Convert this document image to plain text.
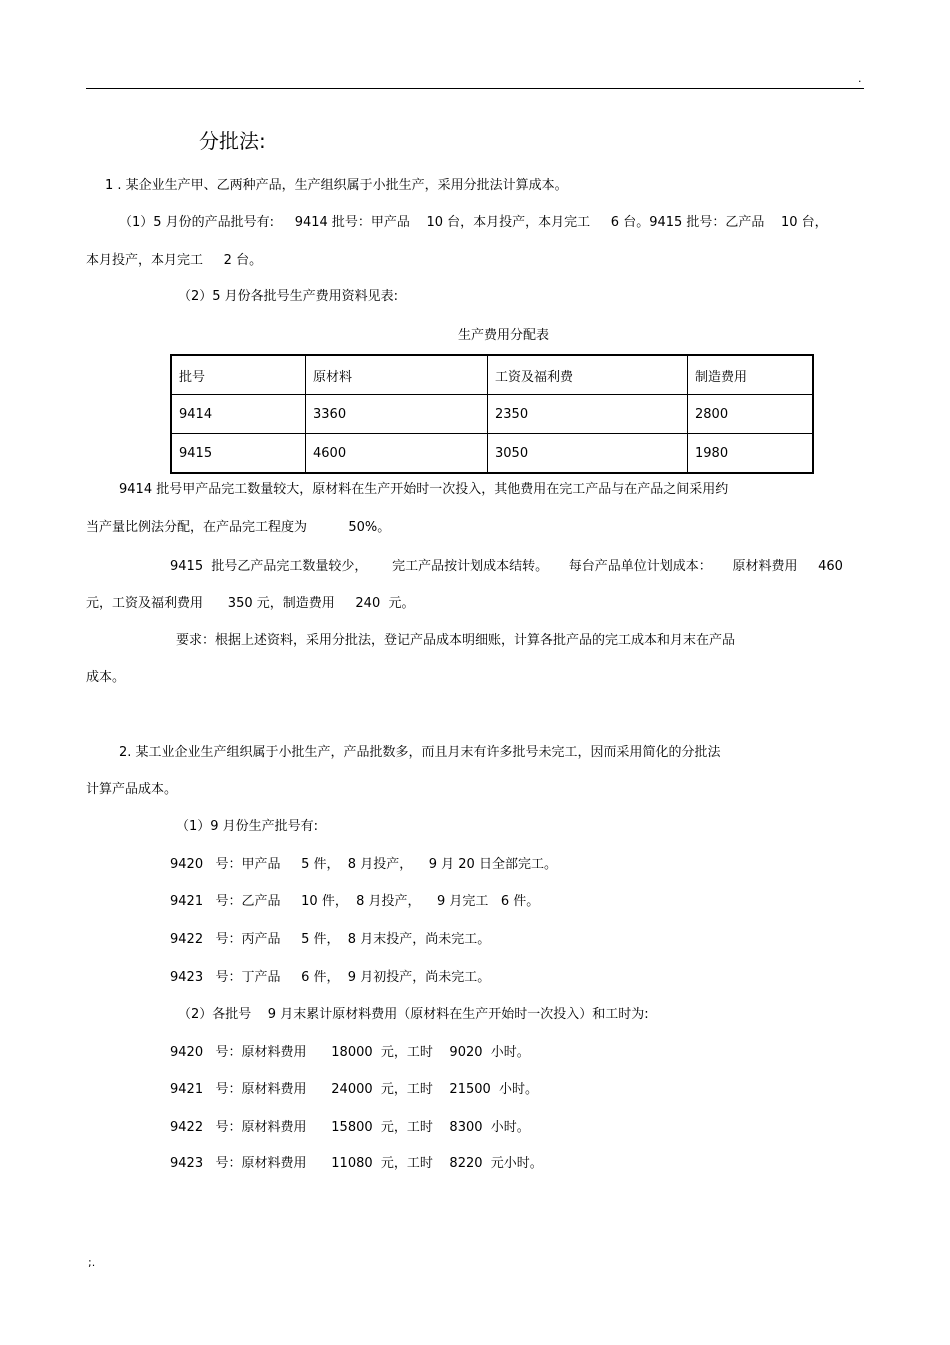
.
分批法:
1 . 某企业生产甲、乙两种产品，生产组织属于小批生产，采用分批法计算成本。
（1）5 月份的产品批号有:     9414 批号：甲产品    10 台，本月投产，本月完工     6 台。9415 批号：乙产品    10 台，
本月投产，本月完工     2 台。
（2）5 月份各批号生产费用资料见表:
生产费用分配表
批号	原材料	工资及福利费	制造费用
9414	3360	2350	2800
9415	4600	3050	1980
9414 批号甲产品完工数量较大，原材料在生产开始时一次投入，其他费用在完工产品与在产品之间采用约
当产量比例法分配，在产品完工程度为          50%。
9415  批号乙产品完工数量较少，      完工产品按计划成本结转。     每台产品单位计划成本：     原材料费用     460
元，工资及福利费用      350 元，制造费用     240  元。
要求：根据上述资料，采用分批法，登记产品成本明细账，计算各批产品的完工成本和月末在产品
成本。
2. 某工业企业生产组织属于小批生产，产品批数多，而且月末有许多批号未完工，因而采用简化的分批法
计算产品成本。
（1）9 月份生产批号有:
9420   号：甲产品     5 件，  8 月投产，    9 月 20 日全部完工。
9421   号：乙产品     10 件，  8 月投产，    9 月完工   6 件。
9422   号：丙产品     5 件，  8 月末投产，尚未完工。
9423   号：丁产品     6 件，  9 月初投产，尚未完工。
（2）各批号    9 月末累计原材料费用（原材料在生产开始时一次投入）和工时为:
9420   号：原材料费用      18000  元，工时    9020  小时。
9421   号：原材料费用      24000  元，工时    21500  小时。
9422   号：原材料费用      15800  元，工时    8300  小时。
9423   号：原材料费用      11080  元，工时    8220  元小时。
;.
